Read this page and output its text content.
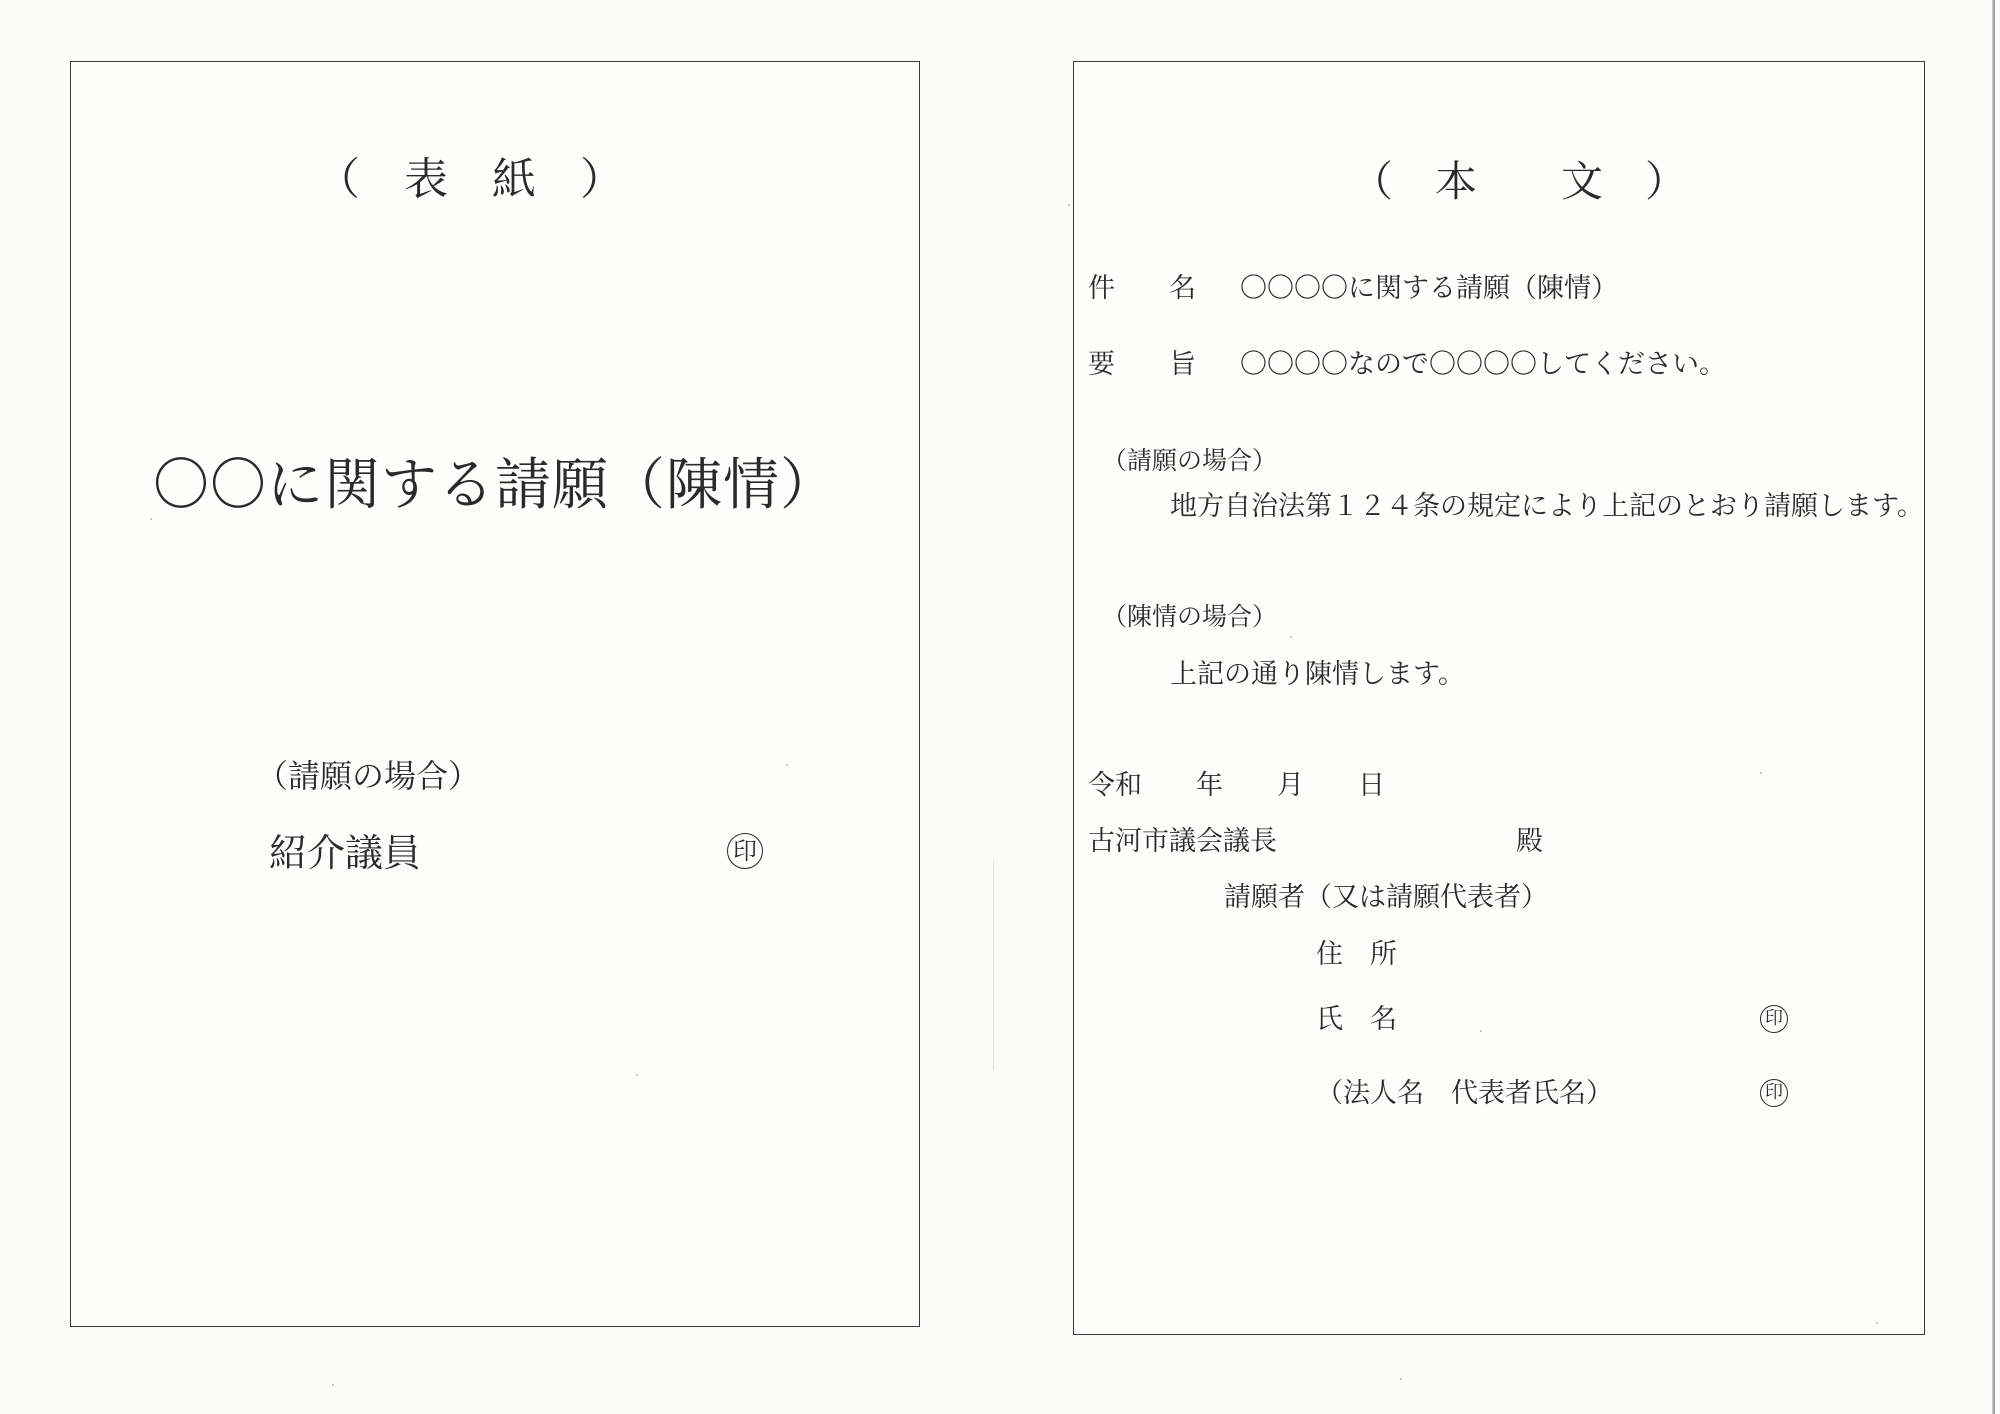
（　表　紙　）
〇〇に関する請願（陳情）
（請願の場合）
紹介議員	印
（　本　　文　）
件　　名 〇〇〇〇に関する請願（陳情）
要　　旨 〇〇〇〇なので〇〇〇〇してください。
（請願の場合）
地方自治法第１２４条の規定により上記のとおり請願します。
（陳情の場合）
上記の通り陳情します。
令和　　年　　月　　日
古河市議会議長	殿
請願者（又は請願代表者）
住　所
氏　名	印
（法人名　代表者氏名）	印
